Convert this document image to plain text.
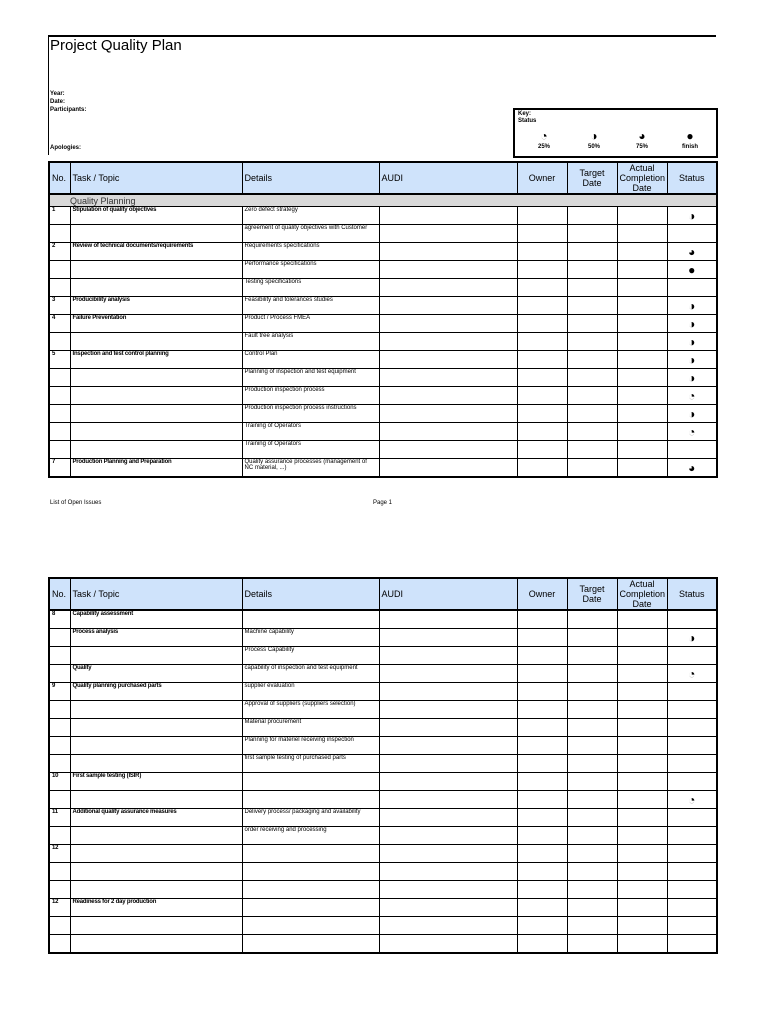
Project Quality Plan
Year:
Date:
Participants:
Apologies:
Key:
Status
◔
25%
◑
50%
◕
75%
●
finish
No.	Task / Topic	Details	AUDI	Owner	Target Date	Actual Completion Date	Status
Quality Planning							
1	Stipulation of quality objectives	Zero defect strategy					◑
		agreement of quality objectives with Customer					
2	Review of technical documents/requirements	Requirements specifications					◕
		Performance specifications					●
		Testing specifications					
3	Producibility analysis	Feasibility and tolerances studies					◑
4	Failure Preventation	Product / Process FMEA					◑
		Fault tree analysis					◑
5	Inspection and test control planning	Control Plan					◑
		Planning of inspection and test equipment					◑
		Production inspection process					◔
		Production inspection process instructions					◑
		Training of Operators					◔
		Training of Operators					
7	Production Planning and Preparation	Quality assurance processes (management of NC material, ...)					◕
List of Open Issues	Page 1
No.	Task / Topic	Details	AUDI	Owner	Target Date	Actual Completion Date	Status
8	Capability assessment						
	Process analysis	Machine capability					◑
		Process Capability					
	Quality	capability of inspection and test equipment					◔
9	Quality planning purchased parts	supplier evaluation					
		Approval of suppliers (suppliers selection)					
		Material procurement					
		Planning for materiel receiving inspection					
		first sample testing of purchased parts					
10	First sample testing (ISIR)						
							◔
11	Additional quality assurance measures	Delivery process/ packaging and availability					
		order receiving and processing					
12							

12	Readiness for 2 day production						
